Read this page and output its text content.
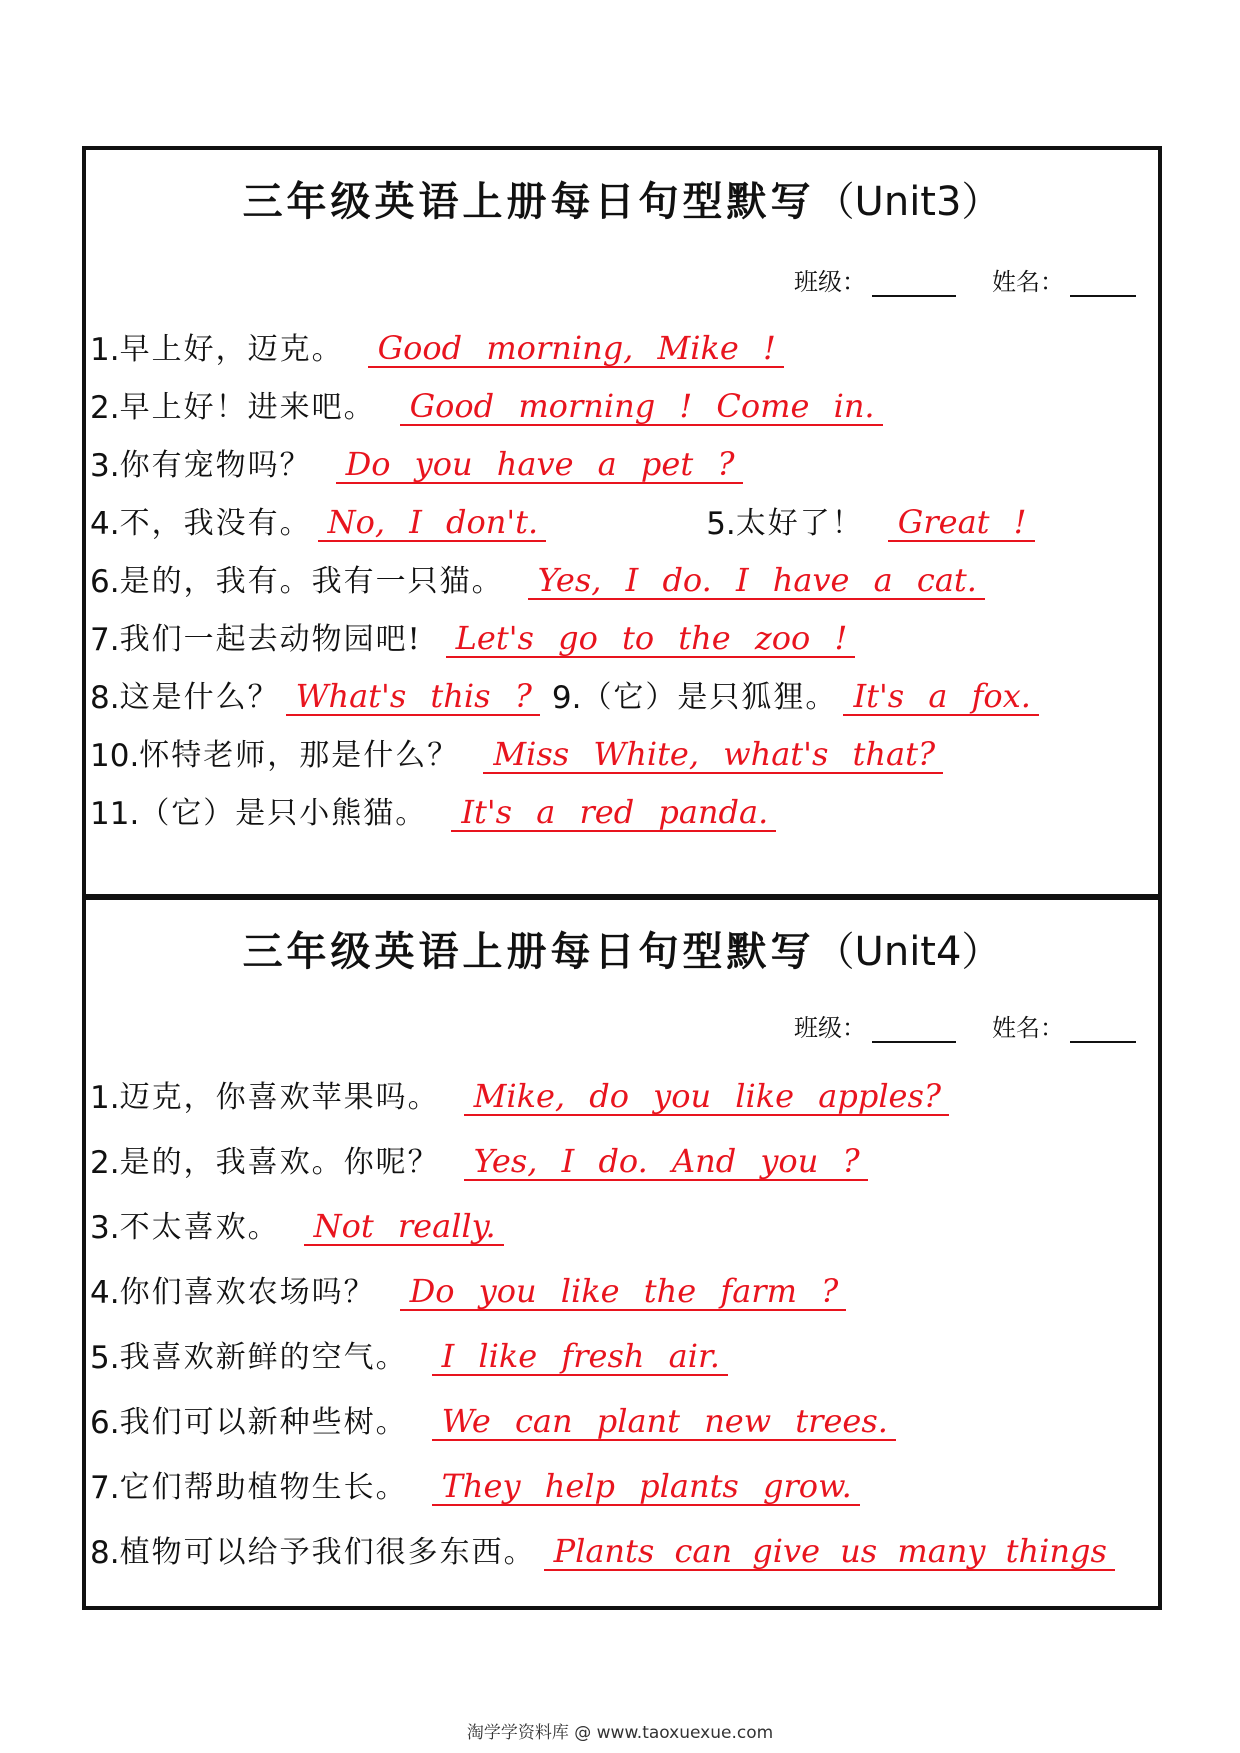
三年级英语上册每日句型默写（Unit3）
班级：	姓名：
1. 早上好，迈克。	Good morning, Mike !
2. 早上好！进来吧。	Good morning ! Come in.
3. 你有宠物吗？	Do you have a pet ?
4. 不，我没有。 No, I don't.	5. 太好了！	Great !
6. 是的，我有。我有一只猫。	Yes, I do. I have a cat.
7. 我们一起去动物园吧!	Let's go to the zoo !
8. 这是什么？ What's this ? 9. （它）是只狐狸。 It's a fox.
10. 怀特老师，那是什么？	Miss White, what's that?
11. （它）是只小熊猫。	It's a red panda.
三年级英语上册每日句型默写（Unit4）
班级：	姓名：
1. 迈克，你喜欢苹果吗。	Mike, do you like apples?
2. 是的，我喜欢。你呢？	Yes, I do. And you ?
3. 不太喜欢。	Not really.
4. 你们喜欢农场吗？	Do you like the farm ?
5. 我喜欢新鲜的空气。	I like fresh air.
6. 我们可以新种些树。	We can plant new trees.
7. 它们帮助植物生长。	They help plants grow.
8. 植物可以给予我们很多东西。 Plants can give us many things
淘学学资料库 @ www.taoxuexue.com
